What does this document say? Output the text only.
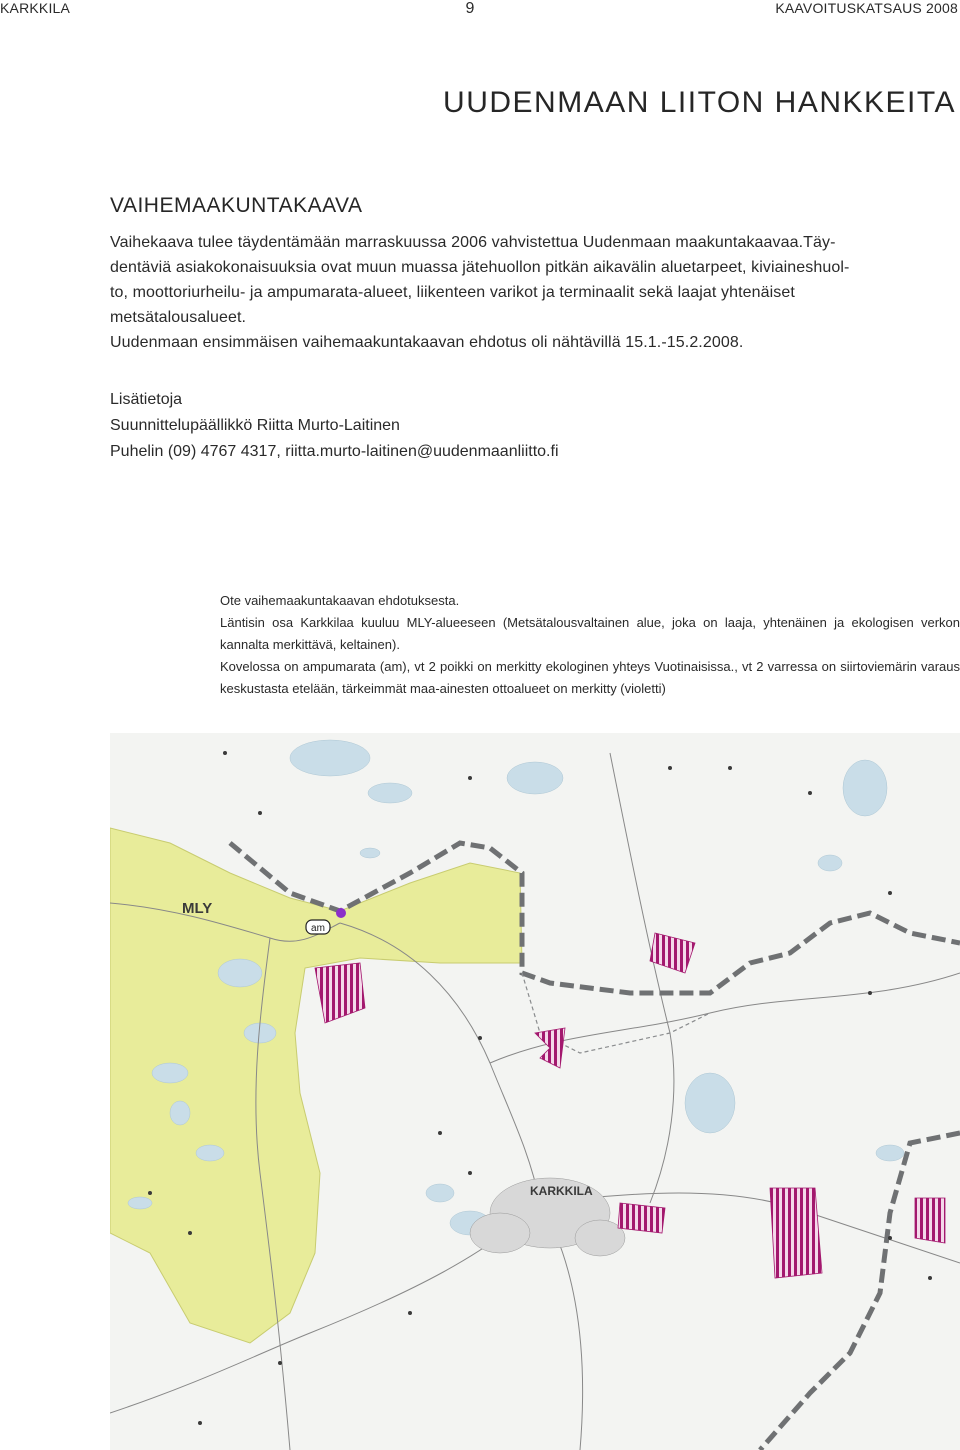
KARKKILA	9	KAAVOITUSKATSAUS 2008
UUDENMAAN LIITON HANKKEITA
VAIHEMAAKUNTAKAAVA

Vaihekaava tulee täydentämään marraskuussa 2006 vahvistettua Uudenmaan maakuntakaavaa.Täy-

dentäviä asiakokonaisuuksia ovat muun muassa jätehuollon pitkän aikavälin aluetarpeet, kiviaineshuol-

to, moottoriurheilu- ja ampumarata-alueet, liikenteen varikot ja terminaalit sekä laajat yhtenäiset

metsätalousalueet.

Uudenmaan ensimmäisen vaihemaakuntakaavan ehdotus oli nähtävillä 15.1.-15.2.2008.

Lisätietoja

Suunnittelupäällikkö Riitta Murto-Laitinen

Puhelin (09) 4767 4317, riitta.murto-laitinen@uudenmaanliitto.fi

Ote vaihemaakuntakaavan ehdotuksesta.

Läntisin osa Karkkilaa kuuluu MLY-alueeseen (Metsätalousvaltainen alue, joka on laaja, yhtenäinen ja ekologisen verkon kannalta merkittävä, keltainen).

Kovelossa on ampumarata (am), vt 2 poikki on merkitty ekologinen yhteys Vuotinaisissa., vt 2 varressa on siirtoviemärin varaus keskustasta etelään, tärkeimmät maa-ainesten ottoalueet on merkitty (violetti)

am
MLY
KARKKILA
